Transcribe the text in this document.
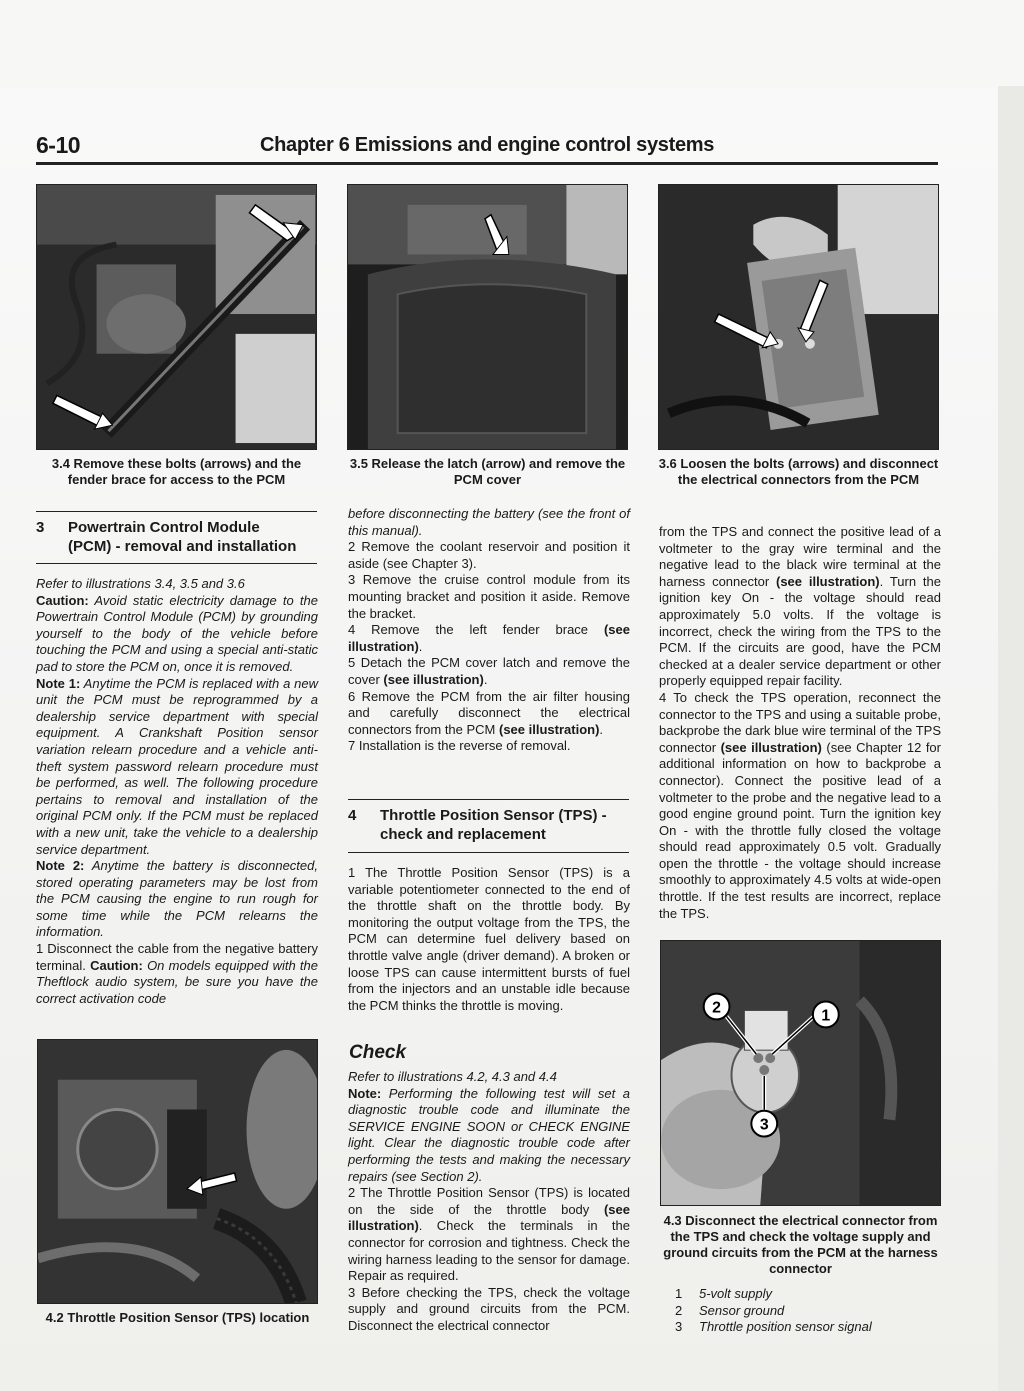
6-10	Chapter 6 Emissions and engine control systems
3.4 Remove these bolts (arrows) and the fender brace for access to the PCM
3.5 Release the latch (arrow) and remove the PCM cover
3.6 Loosen the bolts (arrows) and disconnect the electrical connectors from the PCM
3 Powertrain Control Module
(PCM) - removal and installation

Refer to illustrations 3.4, 3.5 and 3.6

Caution: Avoid static electricity damage to the Powertrain Control Module (PCM) by grounding yourself to the body of the vehicle before touching the PCM and using a special anti-static pad to store the PCM on, once it is removed.

Note 1: Anytime the PCM is replaced with a new unit the PCM must be reprogrammed by a dealership service department with special equipment. A Crankshaft Position sensor variation relearn procedure and a vehicle anti-theft system password relearn procedure must be performed, as well. The following procedure pertains to removal and installation of the original PCM only. If the PCM must be replaced with a new unit, take the vehicle to a dealership service department.

Note 2: Anytime the battery is disconnected, stored operating parameters may be lost from the PCM causing the engine to run rough for some time while the PCM relearns the information.

1 Disconnect the cable from the negative battery terminal. Caution: On models equipped with the Theftlock audio system, be sure you have the correct activation code

4.2 Throttle Position Sensor (TPS) location

before disconnecting the battery (see the front of this manual).

2 Remove the coolant reservoir and position it aside (see Chapter 3).

3 Remove the cruise control module from its mounting bracket and position it aside. Remove the bracket.

4 Remove the left fender brace (see illustration).

5 Detach the PCM cover latch and remove the cover (see illustration).

6 Remove the PCM from the air filter housing and carefully disconnect the electrical connectors from the PCM (see illustration).

7 Installation is the reverse of removal.

4 Throttle Position Sensor (TPS) -
check and replacement

1 The Throttle Position Sensor (TPS) is a variable potentiometer connected to the end of the throttle shaft on the throttle body. By monitoring the output voltage from the TPS, the PCM can determine fuel delivery based on throttle valve angle (driver demand). A broken or loose TPS can cause intermittent bursts of fuel from the injectors and an unstable idle because the PCM thinks the throttle is moving.

Check

Refer to illustrations 4.2, 4.3 and 4.4

Note: Performing the following test will set a diagnostic trouble code and illuminate the SERVICE ENGINE SOON or CHECK ENGINE light. Clear the diagnostic trouble code after performing the tests and making the necessary repairs (see Section 2).

2 The Throttle Position Sensor (TPS) is located on the side of the throttle body (see illustration). Check the terminals in the connector for corrosion and tightness. Check the wiring harness leading to the sensor for damage. Repair as required.

3 Before checking the TPS, check the voltage supply and ground circuits from the PCM. Disconnect the electrical connector

from the TPS and connect the positive lead of a voltmeter to the gray wire terminal and the negative lead to the black wire terminal at the harness connector (see illustration). Turn the ignition key On - the voltage should read approximately 5.0 volts. If the voltage is incorrect, check the wiring from the TPS to the PCM. If the circuits are good, have the PCM checked at a dealer service department or other properly equipped repair facility.

4 To check the TPS operation, reconnect the connector to the TPS and using a suitable probe, backprobe the dark blue wire terminal of the TPS connector (see illustration) (see Chapter 12 for additional information on how to backprobe a connector). Connect the positive lead of a voltmeter to the probe and the negative lead to a good engine ground point. Turn the ignition key On - with the throttle fully closed the voltage should read approximately 0.5 volt. Gradually open the throttle - the voltage should increase smoothly to approximately 4.5 volts at wide-open throttle. If the test results are incorrect, replace the TPS.

2	1
3
4.3 Disconnect the electrical connector from the TPS and check the voltage supply and ground circuits from the PCM at the harness connector
1 5-volt supply
2 Sensor ground
3 Throttle position sensor signal
